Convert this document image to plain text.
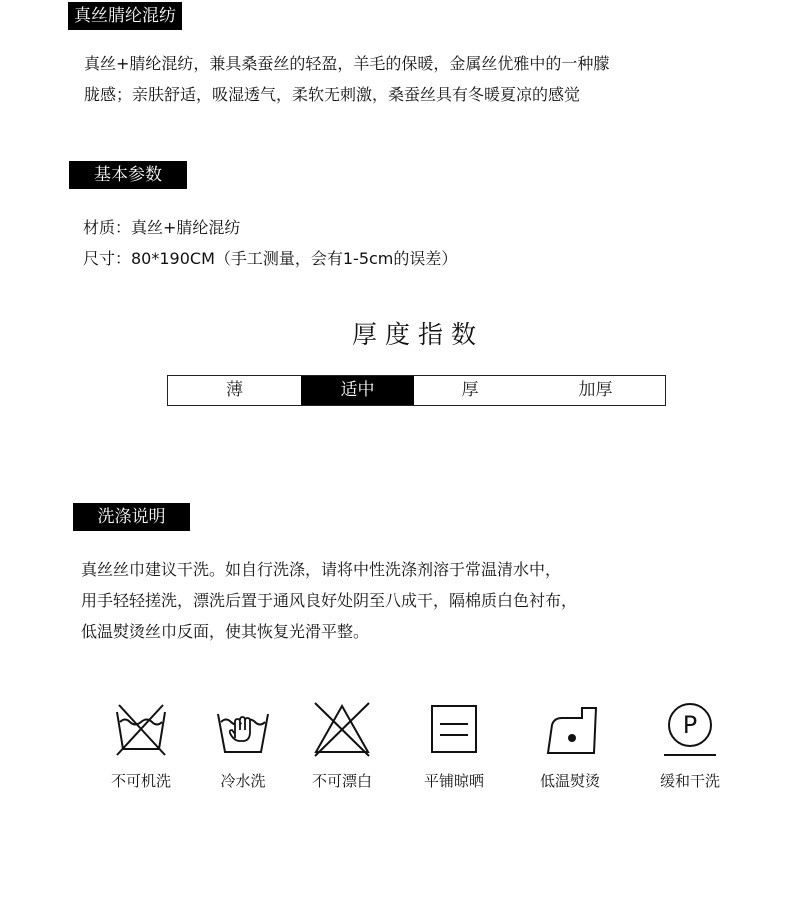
真丝腈纶混纺
真丝+腈纶混纺，兼具桑蚕丝的轻盈，羊毛的保暖，金属丝优雅中的一种朦
胧感；亲肤舒适，吸湿透气，柔软无刺激，桑蚕丝具有冬暖夏凉的感觉
基本参数
材质：真丝+腈纶混纺
尺寸：80*190CM（手工测量，会有1-5cm的误差）
厚度指数
薄	适中	厚	加厚
洗涤说明
真丝丝巾建议干洗。如自行洗涤，请将中性洗涤剂溶于常温清水中，
用手轻轻搓洗，漂洗后置于通风良好处阴至八成干，隔棉质白色衬布，
低温熨烫丝巾反面，使其恢复光滑平整。
不可机洗	冷水洗	不可漂白	平铺晾晒	低温熨烫
P
缓和干洗
